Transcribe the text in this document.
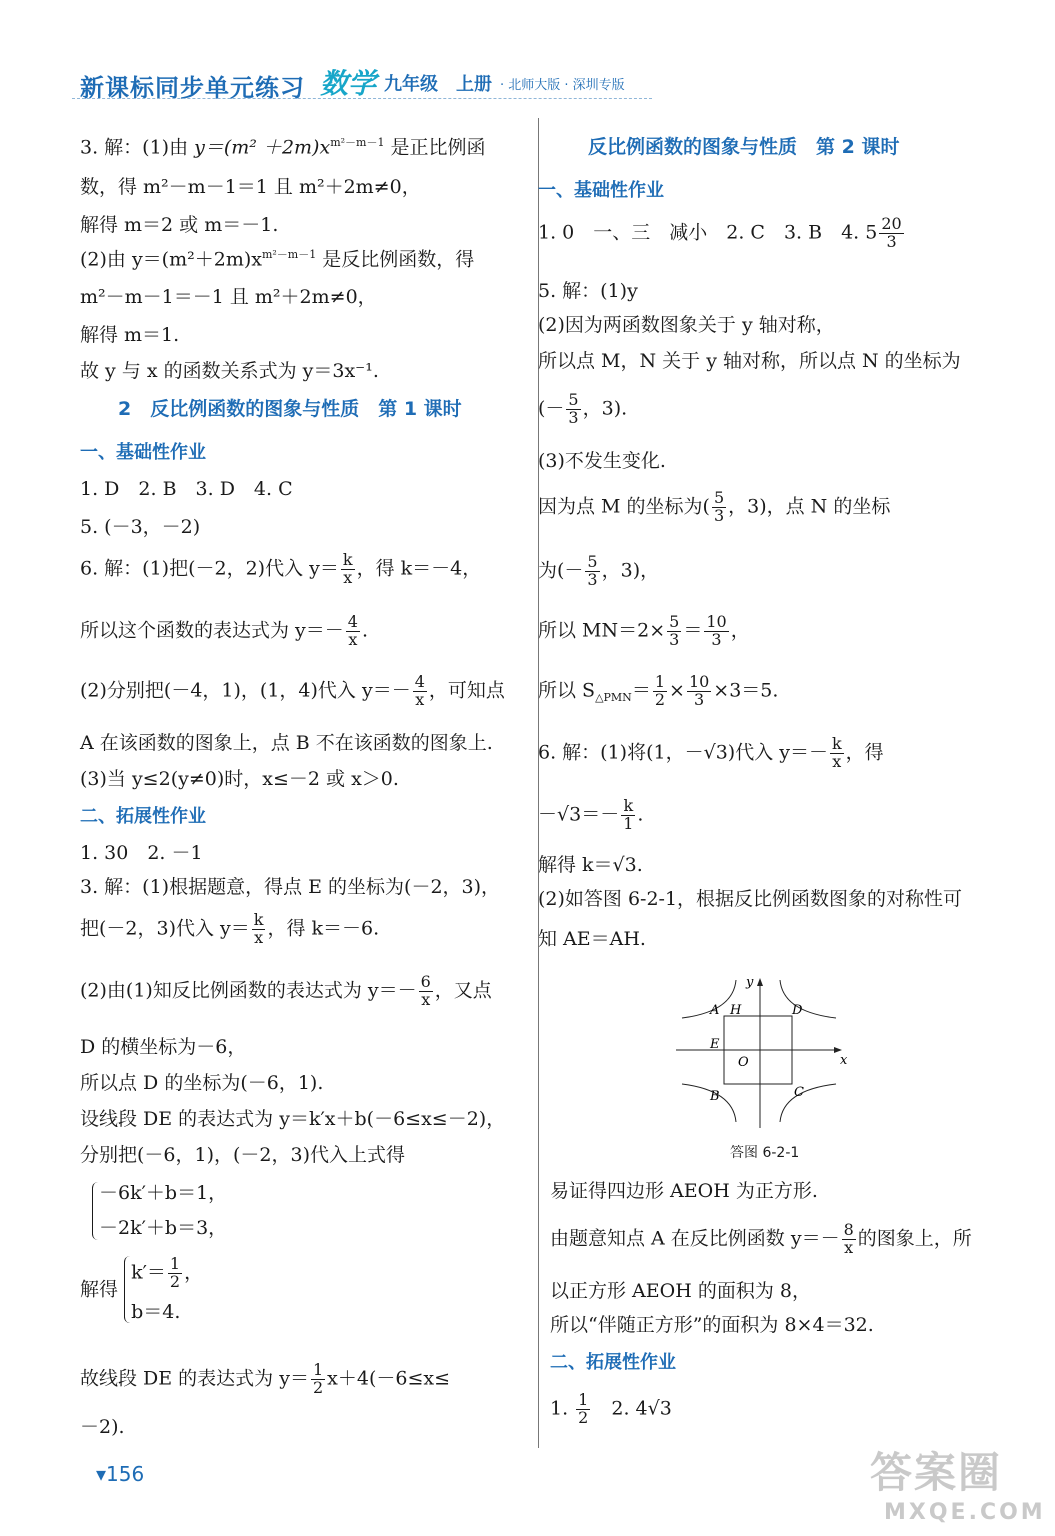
新课标同步单元练习 数学 九年级 上册 · 北师大版 · 深圳专版
3. 解：(1)由 $y=(m^2 +2m)x^{m^2-m-1}$ 是正比例函
数，得 m²－m－1＝1 且 m²＋2m≠0，
解得 m＝2 或 m＝－1.
(2)由 $y=(m^2+2m)x^{m^2-m-1}$ 是反比例函数，得
m²－m－1＝－1 且 m²＋2m≠0，
解得 m＝1.
故 y 与 x 的函数关系式为 y＝3x⁻¹.
2　反比例函数的图象与性质　第 1 课时
一、基础性作业
1. D　2. B　3. D　4. C
5. (－3，－2)
6. 解：(1)把(－2，2)代入 $y= \frac{k}{x}$ ，得 k＝－4，
所以这个函数的表达式为 $y=- \frac{4}{x}$ .
(2)分别把(－4，1)，(1，4)代入 $y=- \frac{4}{x}$ ，可知点
A 在该函数的图象上，点 B 不在该函数的图象上.
(3)当 y≤2(y≠0)时，x≤－2 或 x＞0.
二、拓展性作业
1. 30　2. －1
3. 解：(1)根据题意，得点 E 的坐标为(－2，3)，
把(－2，3)代入 $y= \frac{k}{x}$ ，得 k＝－6.
(2)由(1)知反比例函数的表达式为 $y=- \frac{6}{x}$ ，又点
D 的横坐标为－6，
所以点 D 的坐标为(－6，1).
设线段 DE 的表达式为 y＝k′x＋b(－6≤x≤－2)，
分别把(－6，1)，(－2，3)代入上式得
－6k′＋b＝1，
－2k′＋b＝3，
解得
$k'= \frac{1}{2}$ ，
b＝4.
故线段 DE 的表达式为 $y= \frac{1}{2} x+4(-6\le x\le$
－2).
反比例函数的图象与性质　第 2 课时
一、基础性作业
1. 0　一、三　减小　2. C　3. B　4. $5 \frac{20}{3}$
5. 解：(1)y
(2)因为两函数图象关于 y 轴对称，
所以点 M，N 关于 y 轴对称，所以点 N 的坐标为
(－ $\frac{5}{3}$ ，3).
(3)不发生变化.
因为点 M 的坐标为( $\frac{5}{3}$ ，3)，点 N 的坐标
为(－ $\frac{5}{3}$ ，3)，
所以 $MN=2\times \frac{5}{3} = \frac{10}{3}$ ，
所以 $S_{\triangle PMN}= \frac{1}{2} \times \frac{10}{3} \times 3=5$.
6. 解：(1)将(1，－√3)代入 $y=- \frac{k}{x}$ ，得
$-√3=- \frac{k}{1}$ .
解得 k＝√3.
(2)如答图 6-2-1，根据反比例函数图象的对称性可
知 AE＝AH.
A	D
B	C
E
H
O	x
y
答图 6-2-1
易证得四边形 AEOH 为正方形.
由题意知点 A 在反比例函数 $y=- \frac{8}{x}$ 的图象上，所
以正方形 AEOH 的面积为 8，
所以“伴随正方形”的面积为 8×4＝32.
二、拓展性作业
1. $\frac{1}{2}$ 　2. 4√3
▾156	答案圈
MXQE.COM
